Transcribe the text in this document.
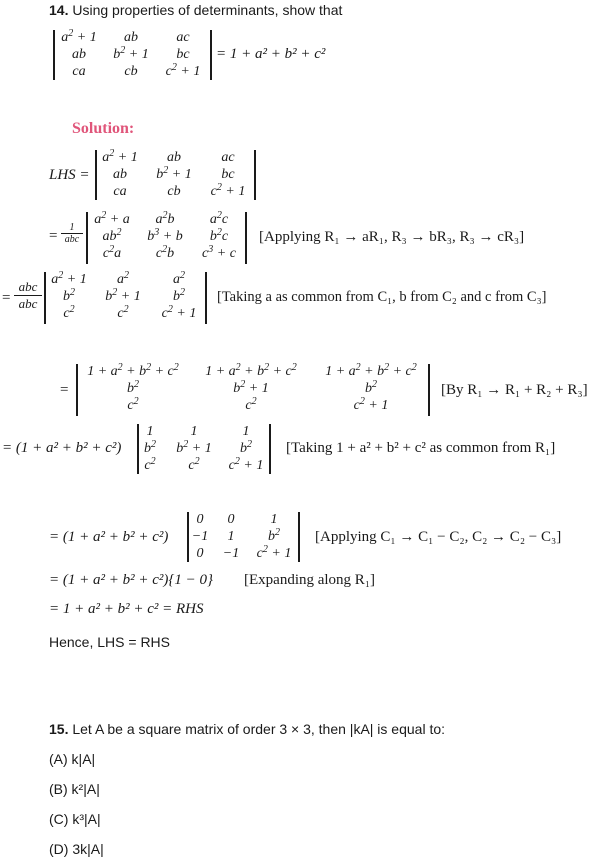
14. Using properties of determinants, show that
$a^2 + 1$	ab	ac
ab	$b^2 + 1$	bc
ca	cb	$c^2 + 1$
= 1 + a² + b² + c²
Solution:
LHS =
$a^2 + 1$	ab	ac
ab	$b^2 + 1$	bc
ca	cb	$c^2 + 1$
=
1
abc
$a^2 + a$	$a^2b$	$a^2c$
$ab^2$	$b^3 + b$	$b^2c$
$c^2a$	$c^2b$	$c^3 + c$
[Applying R₁ → aR₁, R₃ → bR₃, R₃ → cR₃]
=
abc
abc
$a^2 + 1$	$a^2$	$a^2$
$b^2$	$b^2 + 1$	$b^2$
$c^2$	$c^2$	$c^2 + 1$
[Taking a as common from C₁, b from C₂ and c from C₃]
=
$1 + a^2 + b^2 + c^2$	$1 + a^2 + b^2 + c^2$	$1 + a^2 + b^2 + c^2$
$b^2$	$b^2 + 1$	$b^2$
$c^2$	$c^2$	$c^2 + 1$
[By R₁ → R₁ + R₂ + R₃]
= (1 + a² + b² + c²)
1	1	1
$b^2$	$b^2 + 1$	$b^2$
$c^2$	$c^2$	$c^2 + 1$
[Taking 1 + a² + b² + c² as common from R₁]
= (1 + a² + b² + c²)
0	0	1
−1	1	$b^2$
0	−1	$c^2 + 1$
[Applying C₁ → C₁ − C₂, C₂ → C₂ − C₃]
= (1 + a² + b² + c²){1 − 0} [Expanding along R₁]
= 1 + a² + b² + c² = RHS
Hence, LHS = RHS
15. Let A be a square matrix of order 3 × 3, then |kA| is equal to:
(A) k|A|
(B) k²|A|
(C) k³|A|
(D) 3k|A|
